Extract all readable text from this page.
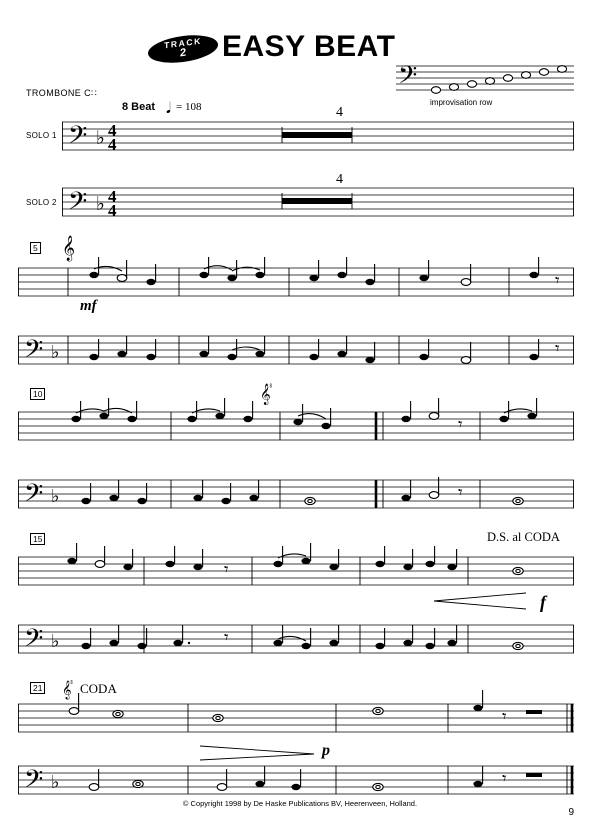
TRACK
2 EASY BEAT
TROMBONE C∷	𝄢
improvisation row
SOLO 1
SOLO 2
8 Beat = 108
𝅘𝅥
𝄢 ♭ 4
4
𝄢 ♭ 4
4
4
4
5 𝄞
𝄾
𝄢 ♭	𝄾
mf
10	𝄟
𝄾
𝄢 ♭	𝄾
15	D.S. al CODA
𝄾
𝄢 ♭	𝄾
f
21 𝄟 CODA
𝄾
𝄢 ♭	𝄾
p
© Copyright 1998 by De Haske Publications BV, Heerenveen, Holland.
9
